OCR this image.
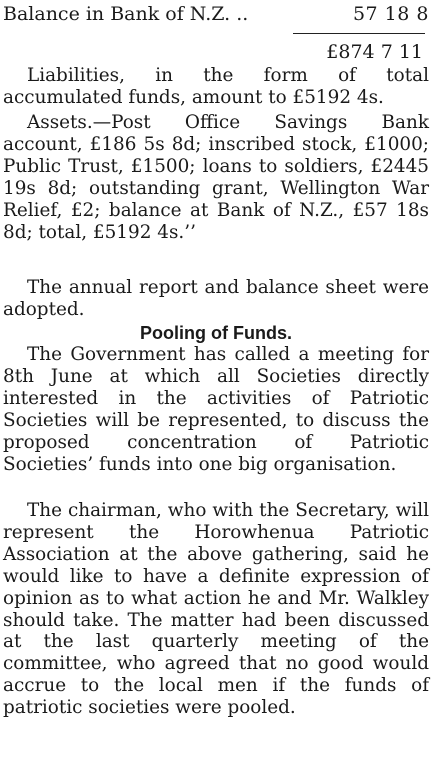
Balance in Bank of N.Z. ..	57 18 8
£874 7 11
Liabilities, in the form of total accumulated funds, amount to £5192 4s.
Assets.—Post Office Savings Bank account, £186 5s 8d; inscribed stock, £1000; Public Trust, £1500; loans to soldiers, £2445 19s 8d; outstanding grant, Wellington War Relief, £2; balance at Bank of N.Z., £57 18s 8d; total, £5192 4s.’’
The annual report and balance sheet were adopted.
Pooling of Funds.
The Government has called a meeting for 8th June at which all Societies directly interested in the activities of Patriotic Societies will be represented, to discuss the proposed concentration of Patriotic Societies’ funds into one big organisation.
The chairman, who with the Secretary, will represent the Horowhenua Patriotic Association at the above gathering, said he would like to have a definite expression of opinion as to what action he and Mr. Walkley should take. The matter had been discussed at the last quarterly meeting of the committee, who agreed that no good would accrue to the local men if the funds of patriotic societies were pooled.
